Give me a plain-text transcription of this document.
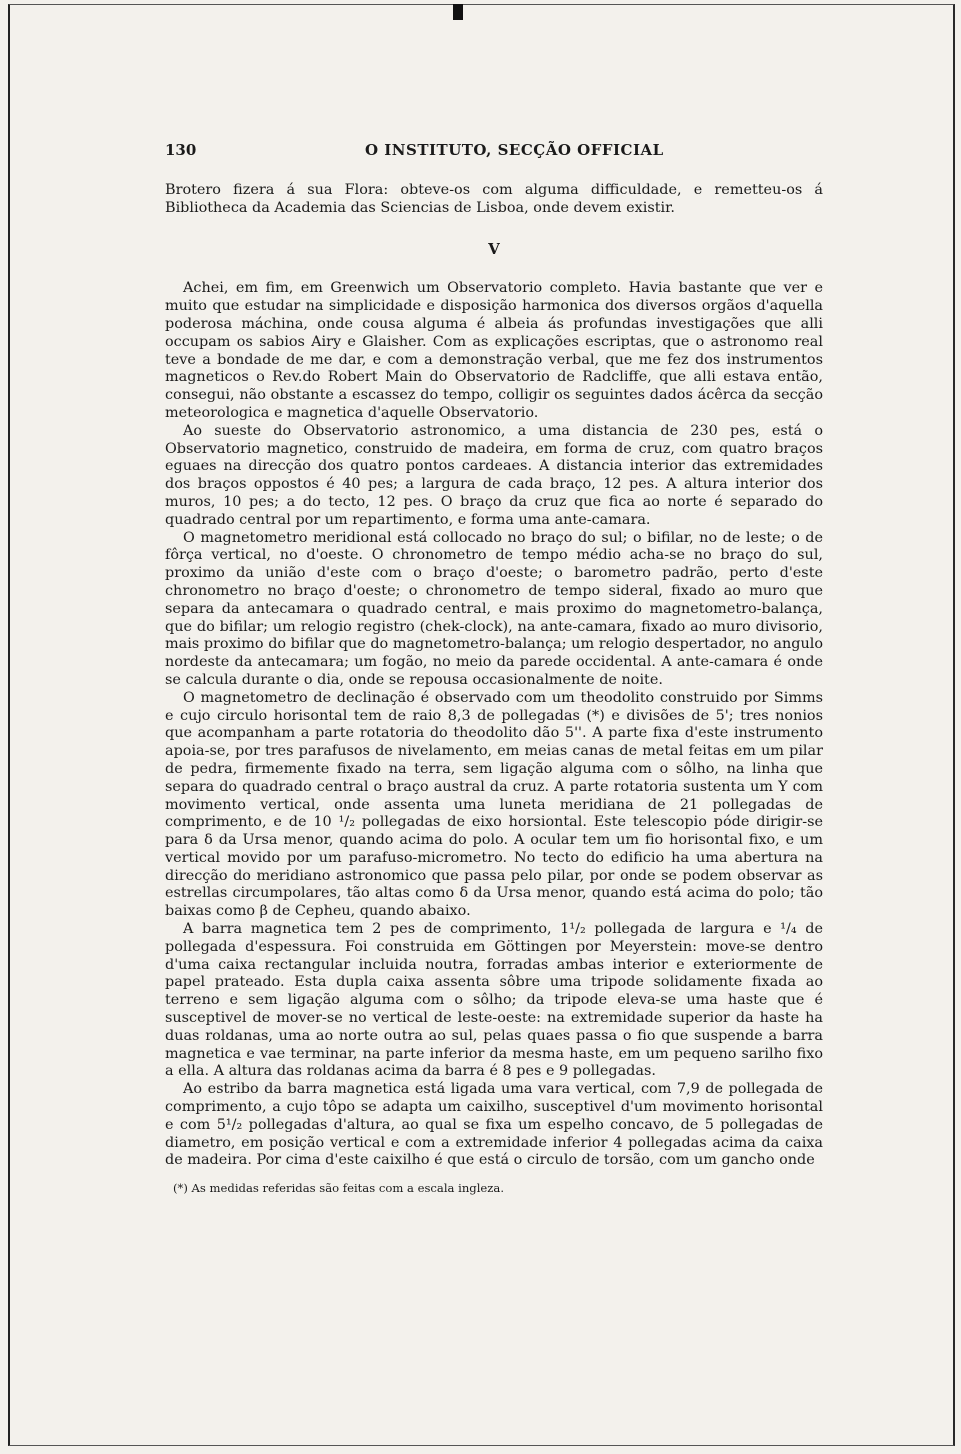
130	O INSTITUTO, SECÇÃO OFFICIAL

Brotero fizera á sua Flora: obteve-os com alguma difficuldade, e remetteu-os á Bibliotheca da Academia das Sciencias de Lisboa, onde devem existir.

V

Achei, em fim, em Greenwich um Observatorio completo. Havia bastante que ver e muito que estudar na simplicidade e disposição harmonica dos diversos orgãos d'aquella poderosa máchina, onde cousa alguma é albeia ás profundas investigações que alli occupam os sabios Airy e Glaisher. Com as explicações escriptas, que o astronomo real teve a bondade de me dar, e com a demonstração verbal, que me fez dos instrumentos magneticos o Rev.do Robert Main do Observatorio de Radcliffe, que alli estava então, consegui, não obstante a escassez do tempo, colligir os seguintes dados ácêrca da secção meteorologica e magnetica d'aquelle Observatorio.

Ao sueste do Observatorio astronomico, a uma distancia de 230 pes, está o Observatorio magnetico, construido de madeira, em forma de cruz, com quatro braços eguaes na direcção dos quatro pontos cardeaes. A distancia interior das extremidades dos braços oppostos é 40 pes; a largura de cada braço, 12 pes. A altura interior dos muros, 10 pes; a do tecto, 12 pes. O braço da cruz que fica ao norte é separado do quadrado central por um repartimento, e forma uma ante-camara.

O magnetometro meridional está collocado no braço do sul; o bifilar, no de leste; o de fôrça vertical, no d'oeste. O chronometro de tempo médio acha-se no braço do sul, proximo da união d'este com o braço d'oeste; o barometro padrão, perto d'este chronometro no braço d'oeste; o chronometro de tempo sideral, fixado ao muro que separa da antecamara o quadrado central, e mais proximo do magnetometro-balança, que do bifilar; um relogio registro (chek-clock), na ante-camara, fixado ao muro divisorio, mais proximo do bifilar que do magnetometro-balança; um relogio despertador, no angulo nordeste da antecamara; um fogão, no meio da parede occidental. A ante-camara é onde se calcula durante o dia, onde se repousa occasionalmente de noite.

O magnetometro de declinação é observado com um theodolito construido por Simms e cujo circulo horisontal tem de raio 8,3 de pollegadas (*) e divisões de 5'; tres nonios que acompanham a parte rotatoria do theodolito dão 5''. A parte fixa d'este instrumento apoia-se, por tres parafusos de nivelamento, em meias canas de metal feitas em um pilar de pedra, firmemente fixado na terra, sem ligação alguma com o sôlho, na linha que separa do quadrado central o braço austral da cruz. A parte rotatoria sustenta um Y com movimento vertical, onde assenta uma luneta meridiana de 21 pollegadas de comprimento, e de 10 ¹/₂ pollegadas de eixo horsiontal. Este telescopio póde dirigir-se para δ da Ursa menor, quando acima do polo. A ocular tem um fio horisontal fixo, e um vertical movido por um parafuso-micrometro. No tecto do edificio ha uma abertura na direcção do meridiano astronomico que passa pelo pilar, por onde se podem observar as estrellas circumpolares, tão altas como δ da Ursa menor, quando está acima do polo; tão baixas como β de Cepheu, quando abaixo.

A barra magnetica tem 2 pes de comprimento, 1¹/₂ pollegada de largura e ¹/₄ de pollegada d'espessura. Foi construida em Göttingen por Meyerstein: move-se dentro d'uma caixa rectangular incluida noutra, forradas ambas interior e exteriormente de papel prateado. Esta dupla caixa assenta sôbre uma tripode solidamente fixada ao terreno e sem ligação alguma com o sôlho; da tripode eleva-se uma haste que é susceptivel de mover-se no vertical de leste-oeste: na extremidade superior da haste ha duas roldanas, uma ao norte outra ao sul, pelas quaes passa o fio que suspende a barra magnetica e vae terminar, na parte inferior da mesma haste, em um pequeno sarilho fixo a ella. A altura das roldanas acima da barra é 8 pes e 9 pollegadas.

Ao estribo da barra magnetica está ligada uma vara vertical, com 7,9 de pollegada de comprimento, a cujo tôpo se adapta um caixilho, susceptivel d'um movimento horisontal e com 5¹/₂ pollegadas d'altura, ao qual se fixa um espelho concavo, de 5 pollegadas de diametro, em posição vertical e com a extremidade inferior 4 pollegadas acima da caixa de madeira. Por cima d'este caixilho é que está o circulo de torsão, com um gancho onde

(*) As medidas referidas são feitas com a escala ingleza.
